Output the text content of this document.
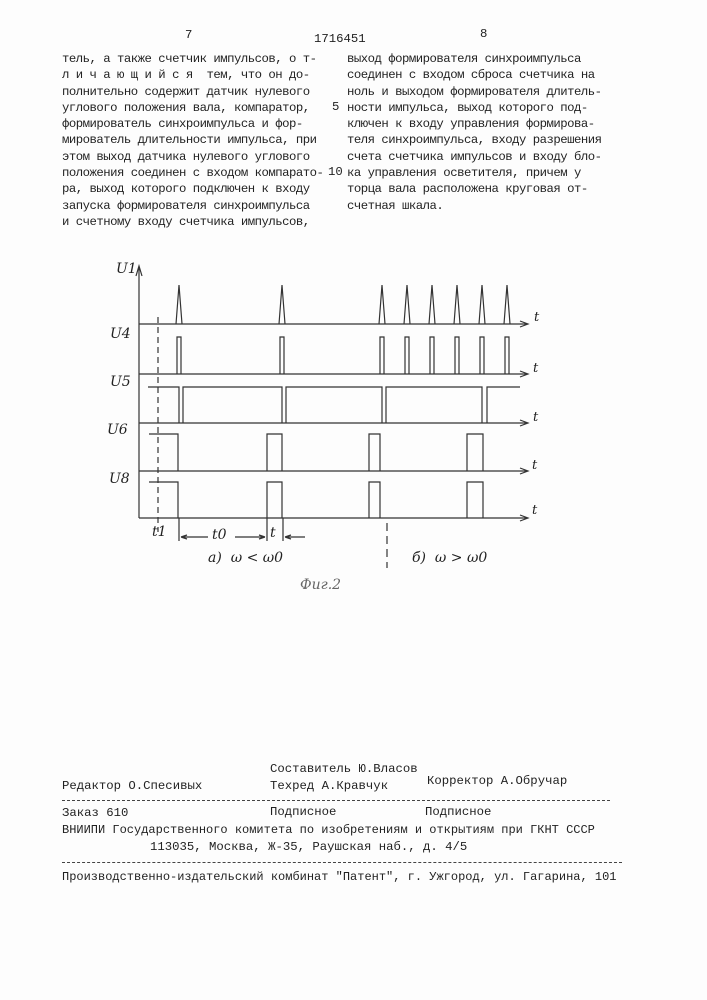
7	1716451	8
тель, а также счетчик импульсов, о т-
л и ч а ю щ и й с я  тем, что он до-
полнительно содержит датчик нулевого
углового положения вала, компаратор,
формирователь синхроимпульса и фор-
мирователь длительности импульса, при
этом выход датчика нулевого углового
положения соединен с входом компарато-
ра, выход которого подключен к входу
запуска формирователя синхроимпульса
и счетному входу счетчика импульсов,
5
10
выход формирователя синхроимпульса
соединен с входом сброса счетчика на
ноль и выходом формирователя длитель-
ности импульса, выход которого под-
ключен к входу управления формирова-
теля синхроимпульса, входу разрешения
счета счетчика импульсов и входу бло-
ка управления осветителя, причем у
торца вала расположена круговая от-
счетная шкала.
U1
U4
U5
U6
U8
t
t
t
t
t
t1	t0	t
а)  ω < ω0	б)  ω > ω0
Фиг.2
Составитель Ю.Власов
Редактор О.Спесивых	Техред А.Кравчук	Корректор А.Обручар
Заказ 610	Подписное	Подписное
ВНИИПИ Государственного комитета по изобретениям и открытиям при ГКНТ СССР
113035, Москва, Ж-35, Раушская наб., д. 4/5
Производственно-издательский комбинат "Патент", г. Ужгород, ул. Гагарина, 101
